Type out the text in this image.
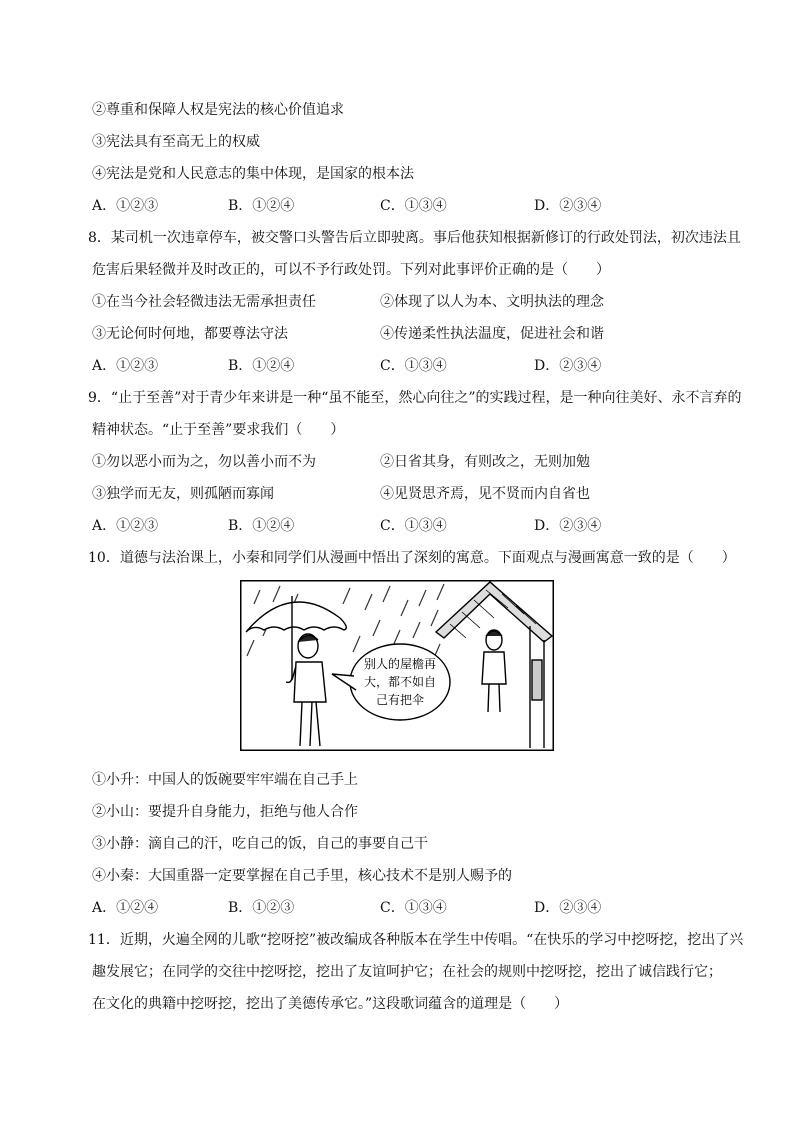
②尊重和保障人权是宪法的核心价值追求
③宪法具有至高无上的权威
④宪法是党和人民意志的集中体现，是国家的根本法
A．①②③	B．①②④	C．①③④	D．②③④
8．某司机一次违章停车，被交警口头警告后立即驶离。事后他获知根据新修订的行政处罚法，初次违法且
危害后果轻微并及时改正的，可以不予行政处罚。下列对此事评价正确的是（　　）
①在当今社会轻微违法无需承担责任	②体现了以人为本、文明执法的理念
③无论何时何地，都要尊法守法	④传递柔性执法温度，促进社会和谐
A．①②③	B．①②④	C．①③④	D．②③④
9．“止于至善”对于青少年来讲是一种“虽不能至，然心向往之”的实践过程，是一种向往美好、永不言弃的
精神状态。“止于至善”要求我们（　　）
①勿以恶小而为之，勿以善小而不为	②日省其身，有则改之，无则加勉
③独学而无友，则孤陋而寡闻	④见贤思齐焉，见不贤而内自省也
A．①②③	B．①②④	C．①③④	D．②③④
10．道德与法治课上，小秦和同学们从漫画中悟出了深刻的寓意。下面观点与漫画寓意一致的是（　　）
别人的屋檐再
大，都不如自
己有把伞
①小升：中国人的饭碗要牢牢端在自己手上
②小山：要提升自身能力，拒绝与他人合作
③小静：滴自己的汗，吃自己的饭，自己的事要自己干
④小秦：大国重器一定要掌握在自己手里，核心技术不是别人赐予的
A．①②④	B．①②③	C．①③④	D．②③④
11．近期，火遍全网的儿歌“挖呀挖”被改编成各种版本在学生中传唱。“在快乐的学习中挖呀挖，挖出了兴
趣发展它；在同学的交往中挖呀挖，挖出了友谊呵护它；在社会的规则中挖呀挖，挖出了诚信践行它；
在文化的典籍中挖呀挖，挖出了美德传承它。”这段歌词蕴含的道理是（　　）
